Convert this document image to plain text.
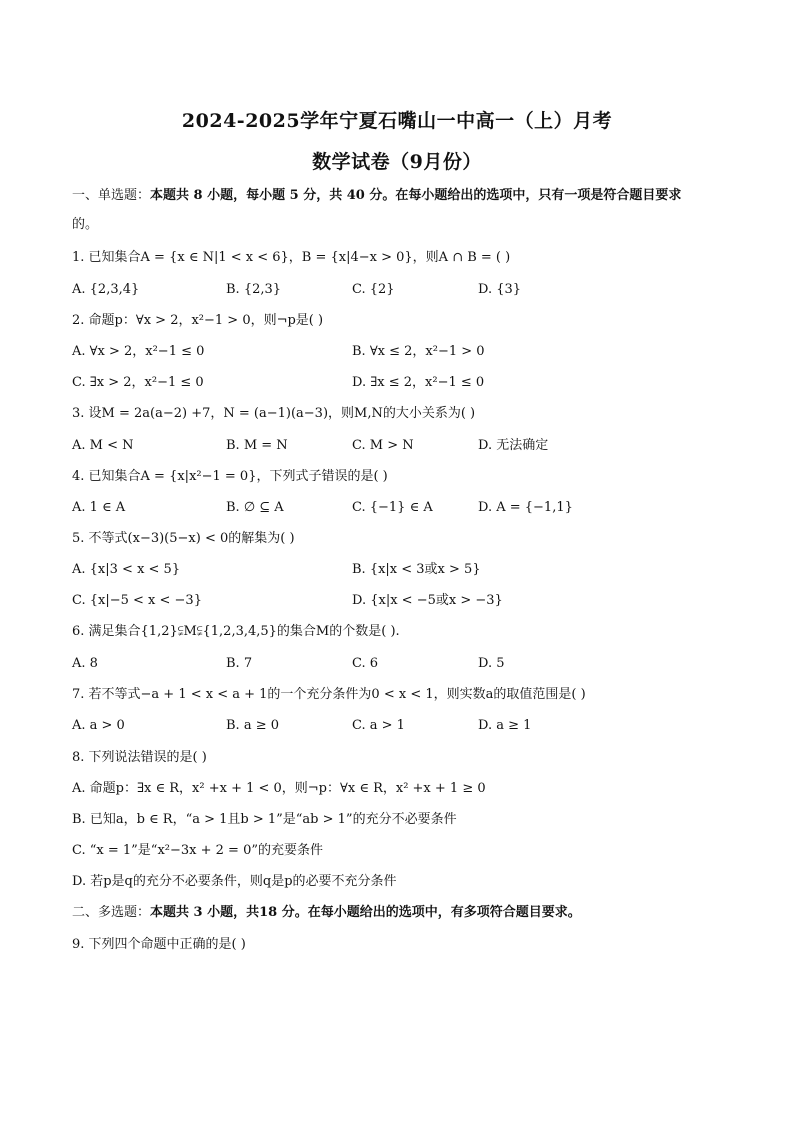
2024-2025学年宁夏石嘴山一中高一（上）月考
数学试卷（9月份）
一、单选题：本题共 8 小题，每小题 5 分，共 40 分。在每小题给出的选项中，只有一项是符合题目要求
的。
1. 已知集合A = {x ∈ N|1 < x < 6}，B = {x|4−x > 0}，则A ∩ B = ( )
A. {2,3,4}	B. {2,3}	C. {2}	D. {3}
2. 命题p：∀x > 2，x²−1 > 0，则¬p是( )
A. ∀x > 2，x²−1 ≤ 0	B. ∀x ≤ 2，x²−1 > 0
C. ∃x > 2，x²−1 ≤ 0	D. ∃x ≤ 2，x²−1 ≤ 0
3. 设M = 2a(a−2) +7，N = (a−1)(a−3)，则M,N的大小关系为( )
A. M < N	B. M = N	C. M > N	D. 无法确定
4. 已知集合A = {x|x²−1 = 0}，下列式子错误的是( )
A. 1 ∈ A	B. ∅ ⊆ A	C. {−1} ∈ A	D. A = {−1,1}
5. 不等式(x−3)(5−x) < 0的解集为( )
A. {x|3 < x < 5}	B. {x|x < 3或x > 5}
C. {x|−5 < x < −3}	D. {x|x < −5或x > −3}
6. 满足集合{1,2}⫋M⫋{1,2,3,4,5}的集合M的个数是( ).
A. 8	B. 7	C. 6	D. 5
7. 若不等式−a + 1 < x < a + 1的一个充分条件为0 < x < 1，则实数a的取值范围是( )
A. a > 0	B. a ≥ 0	C. a > 1	D. a ≥ 1
8. 下列说法错误的是( )
A. 命题p：∃x ∈ R，x² +x + 1 < 0，则¬p：∀x ∈ R，x² +x + 1 ≥ 0
B. 已知a，b ∈ R，“a > 1且b > 1”是“ab > 1”的充分不必要条件
C. “x = 1”是“x²−3x + 2 = 0”的充要条件
D. 若p是q的充分不必要条件，则q是p的必要不充分条件
二、多选题：本题共 3 小题，共18 分。在每小题给出的选项中，有多项符合题目要求。
9. 下列四个命题中正确的是( )
